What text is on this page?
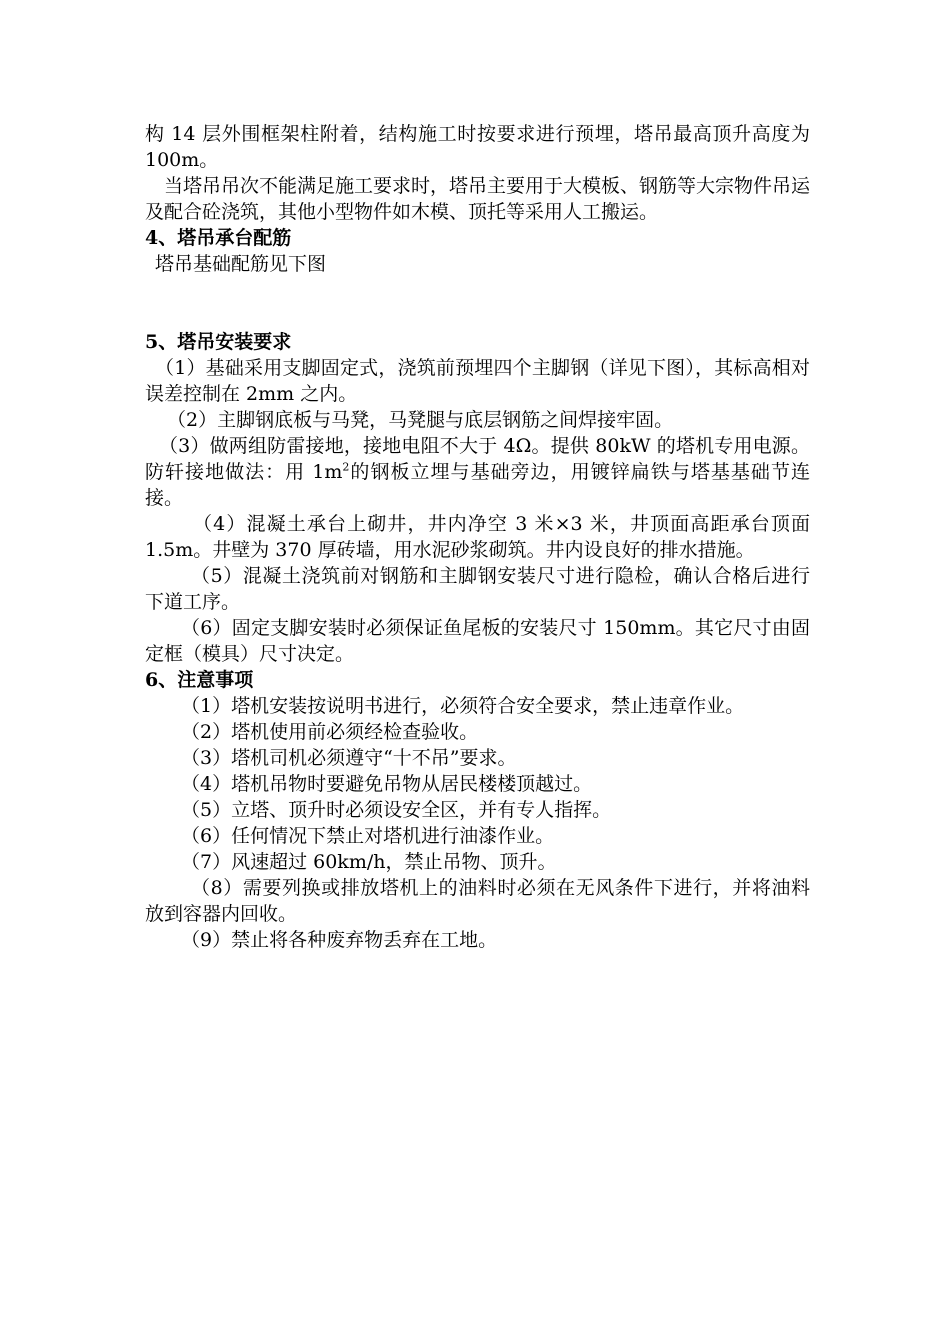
构 14 层外围框架柱附着，结构施工时按要求进行预埋，塔吊最高顶升高度为 100m。

当塔吊吊次不能满足施工要求时，塔吊主要用于大模板、钢筋等大宗物件吊运及配合砼浇筑，其他小型物件如木模、顶托等采用人工搬运。

4、塔吊承台配筋

塔吊基础配筋见下图

5、塔吊安装要求

（1）基础采用支脚固定式，浇筑前预埋四个主脚钢（详见下图），其标高相对误差控制在 2mm 之内。

（2）主脚钢底板与马凳，马凳腿与底层钢筋之间焊接牢固。

（3）做两组防雷接地，接地电阻不大于 4Ω。提供 80kW 的塔机专用电源。防轩接地做法：用 $1m^2$的钢板立埋与基础旁边，用镀锌扁铁与塔基基础节连接。

（4）混凝土承台上砌井，井内净空 3 米×3 米，井顶面高距承台顶面 1.5m。井壁为 370 厚砖墙，用水泥砂浆砌筑。井内设良好的排水措施。

（5）混凝土浇筑前对钢筋和主脚钢安装尺寸进行隐检，确认合格后进行下道工序。

（6）固定支脚安装时必须保证鱼尾板的安装尺寸 150mm。其它尺寸由固定框（模具）尺寸决定。

6、注意事项

（1）塔机安装按说明书进行，必须符合安全要求，禁止违章作业。

（2）塔机使用前必须经检查验收。

（3）塔机司机必须遵守“十不吊”要求。

（4）塔机吊物时要避免吊物从居民楼楼顶越过。

（5）立塔、顶升时必须设安全区，并有专人指挥。

（6）任何情况下禁止对塔机进行油漆作业。

（7）风速超过 60km/h，禁止吊物、顶升。

（8）需要列换或排放塔机上的油料时必须在无风条件下进行，并将油料放到容器内回收。

（9）禁止将各种废弃物丢弃在工地。
